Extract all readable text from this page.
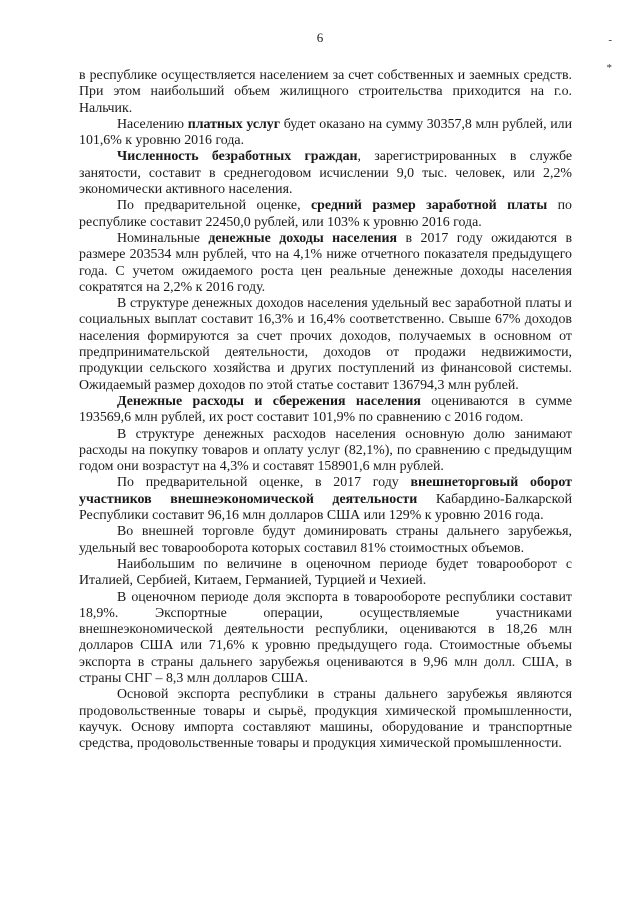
6	-
*

в республике осуществляется населением за счет собственных и заемных средств. При этом наибольший объем жилищного строительства приходится на г.о. Нальчик.

Населению платных услуг будет оказано на сумму 30357,8 млн рублей, или 101,6% к уровню 2016 года.

Численность безработных граждан, зарегистрированных в службе занятости, составит в среднегодовом исчислении 9,0 тыс. человек, или 2,2% экономически активного населения.

По предварительной оценке, средний размер заработной платы по республике составит 22450,0 рублей, или 103% к уровню 2016 года.

Номинальные денежные доходы населения в 2017 году ожидаются в размере 203534 млн рублей, что на 4,1% ниже отчетного показателя предыдущего года. С учетом ожидаемого роста цен реальные денежные доходы населения сократятся на 2,2% к 2016 году.

В структуре денежных доходов населения удельный вес заработной платы и социальных выплат составит 16,3% и 16,4% соответственно. Свыше 67% доходов населения формируются за счет прочих доходов, получаемых в основном от предпринимательской деятельности, доходов от продажи недвижимости, продукции сельского хозяйства и других поступлений из финансовой системы. Ожидаемый размер доходов по этой статье составит 136794,3 млн рублей.

Денежные расходы и сбережения населения оцениваются в сумме 193569,6 млн рублей, их рост составит 101,9% по сравнению с 2016 годом.

В структуре денежных расходов населения основную долю занимают расходы на покупку товаров и оплату услуг (82,1%), по сравнению с предыдущим годом они возрастут на 4,3% и составят 158901,6 млн рублей.

По предварительной оценке, в 2017 году внешнеторговый оборот участников внешнеэкономической деятельности Кабардино-Балкарской Республики составит 96,16 млн долларов США или 129% к уровню 2016 года.

Во внешней торговле будут доминировать страны дальнего зарубежья, удельный вес товарооборота которых составил 81% стоимостных объемов.

Наибольшим по величине в оценочном периоде будет товарооборот с Италией, Сербией, Китаем, Германией, Турцией и Чехией.

В оценочном периоде доля экспорта в товарообороте республики составит 18,9%. Экспортные операции, осуществляемые участниками внешнеэкономической деятельности республики, оцениваются в 18,26 млн долларов США или 71,6% к уровню предыдущего года. Стоимостные объемы экспорта в страны дальнего зарубежья оцениваются в 9,96 млн долл. США, в страны СНГ – 8,3 млн долларов США.

Основой экспорта республики в страны дальнего зарубежья являются продовольственные товары и сырьё, продукция химической промышленности, каучук. Основу импорта составляют машины, оборудование и транспортные средства, продовольственные товары и продукция химической промышленности.
